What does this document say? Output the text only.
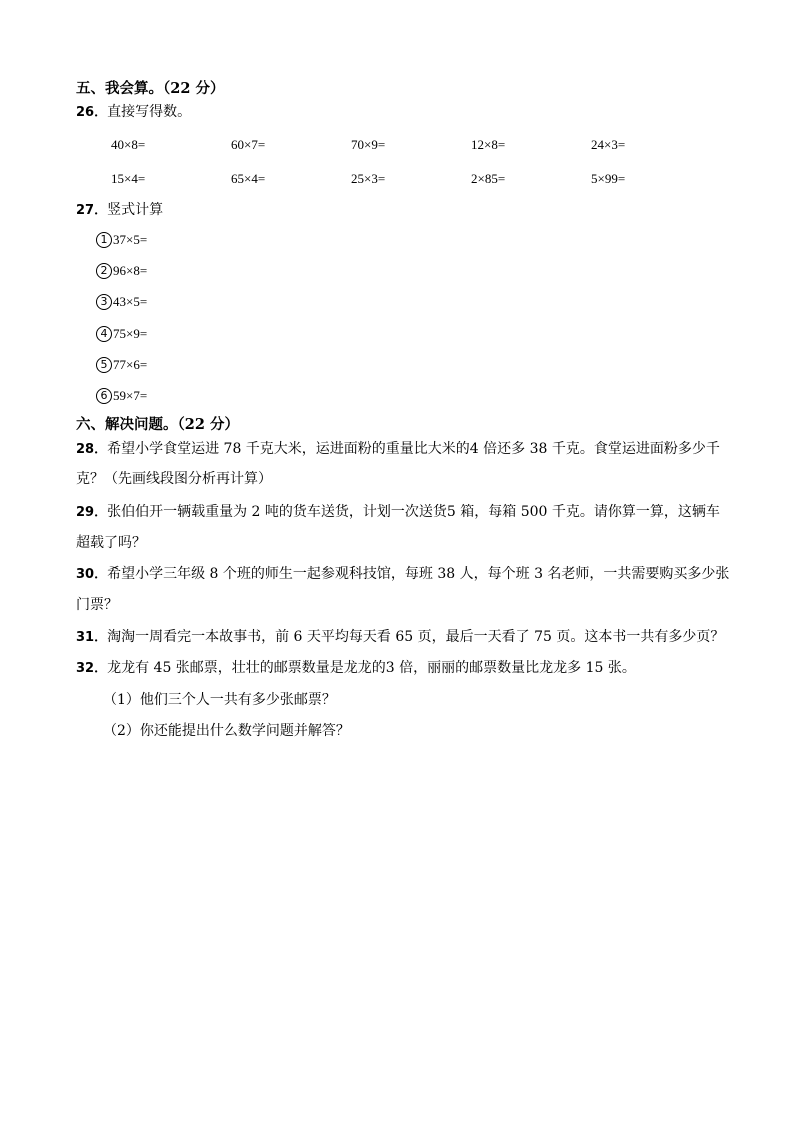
五、我会算。（22 分）
26．直接写得数。
40×8=	60×7=	70×9=	12×8=	24×3=
15×4=	65×4=	25×3=	2×85=	5×99=
27．竖式计算
1 37×5=
2 96×8=
3 43×5=
4 75×9=
5 77×6=
6 59×7=
六、解决问题。（22 分）
28．希望小学食堂运进 78 千克大米，运进面粉的重量比大米的4 倍还多 38 千克。食堂运进面粉多少千
克？（先画线段图分析再计算）
29．张伯伯开一辆载重量为 2 吨的货车送货，计划一次送货5 箱，每箱 500 千克。请你算一算，这辆车
超载了吗？
30．希望小学三年级 8 个班的师生一起参观科技馆，每班 38 人，每个班 3 名老师，一共需要购买多少张
门票？
31．淘淘一周看完一本故事书，前 6 天平均每天看 65 页，最后一天看了 75 页。这本书一共有多少页？
32．龙龙有 45 张邮票，壮壮的邮票数量是龙龙的3 倍，丽丽的邮票数量比龙龙多 15 张。
（1）他们三个人一共有多少张邮票？
（2）你还能提出什么数学问题并解答？
